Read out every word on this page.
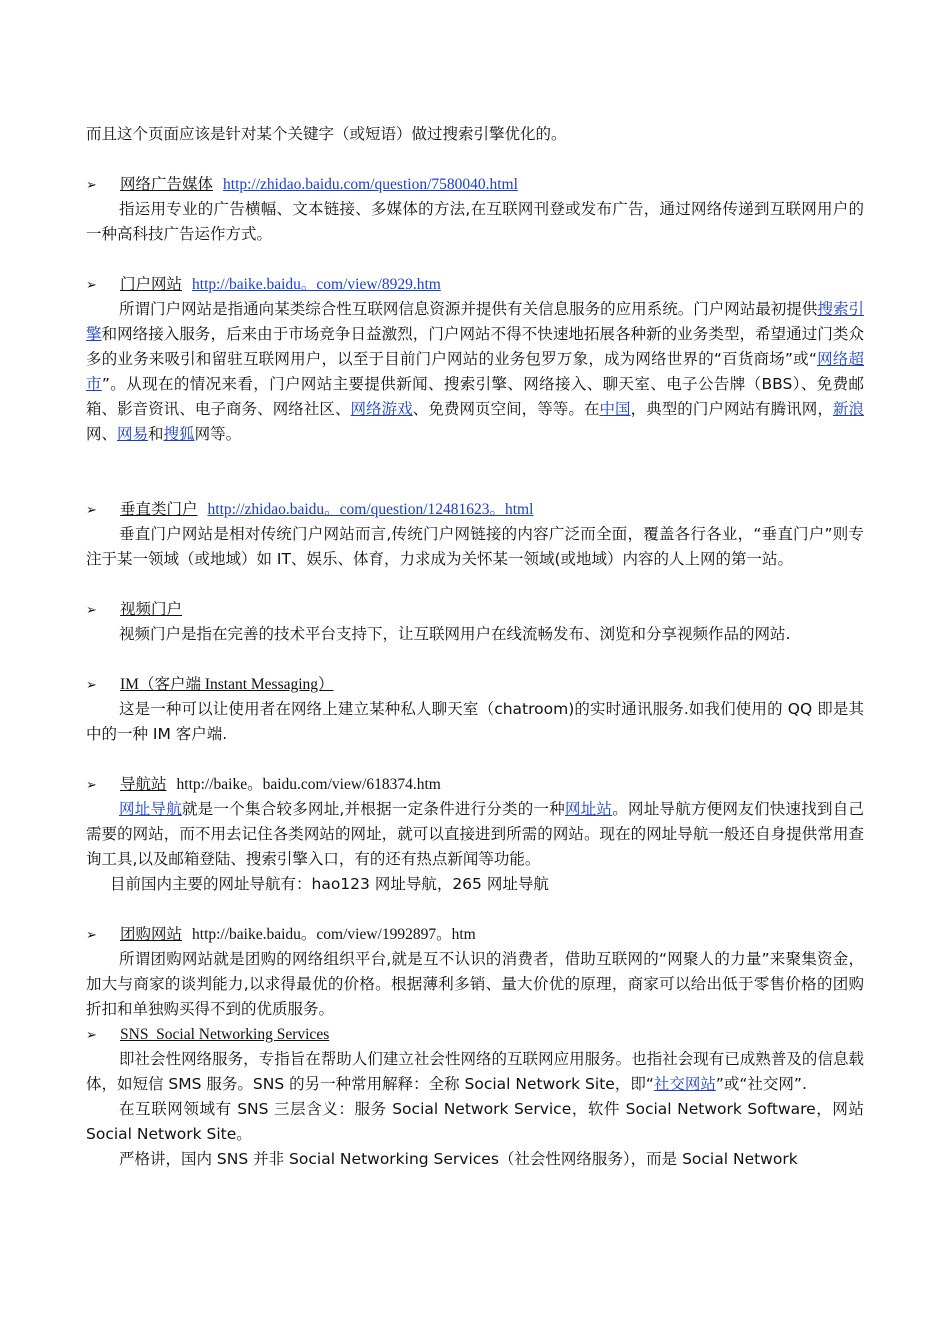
而且这个页面应该是针对某个关键字（或短语）做过搜索引擎优化的。

➢ 网络广告媒体 http://zhidao.baidu.com/question/7580040.html

指运用专业的广告横幅、文本链接、多媒体的方法,在互联网刊登或发布广告，通过网络传递到互联网用户的一种高科技广告运作方式。

➢ 门户网站 http://baike.baidu。com/view/8929.htm

所谓门户网站是指通向某类综合性互联网信息资源并提供有关信息服务的应用系统。门户网站最初提供搜索引擎和网络接入服务，后来由于市场竞争日益激烈，门户网站不得不快速地拓展各种新的业务类型，希望通过门类众多的业务来吸引和留驻互联网用户，以至于目前门户网站的业务包罗万象，成为网络世界的“百货商场”或“网络超市”。从现在的情况来看，门户网站主要提供新闻、搜索引擎、网络接入、聊天室、电子公告牌（BBS）、免费邮箱、影音资讯、电子商务、网络社区、网络游戏、免费网页空间，等等。在中国，典型的门户网站有腾讯网，新浪网、网易和搜狐网等。

➢ 垂直类门户 http://zhidao.baidu。com/question/12481623。html

垂直门户网站是相对传统门户网站而言,传统门户网链接的内容广泛而全面，覆盖各行各业，“垂直门户”则专注于某一领域（或地域）如 IT、娱乐、体育，力求成为关怀某一领域(或地域）内容的人上网的第一站。

➢ 视频门户

视频门户是指在完善的技术平台支持下，让互联网用户在线流畅发布、浏览和分享视频作品的网站.

➢ IM（客户端 Instant Messaging）

这是一种可以让使用者在网络上建立某种私人聊天室（chatroom)的实时通讯服务.如我们使用的 QQ 即是其中的一种 IM 客户端.

➢ 导航站 http://baike。baidu.com/view/618374.htm

网址导航就是一个集合较多网址,并根据一定条件进行分类的一种网址站。网址导航方便网友们快速找到自己需要的网站，而不用去记住各类网站的网址，就可以直接进到所需的网站。现在的网址导航一般还自身提供常用查询工具,以及邮箱登陆、搜索引擎入口，有的还有热点新闻等功能。

目前国内主要的网址导航有：hao123 网址导航，265 网址导航

➢ 团购网站 http://baike.baidu。com/view/1992897。htm

所谓团购网站就是团购的网络组织平台,就是互不认识的消费者，借助互联网的“网聚人的力量”来聚集资金，加大与商家的谈判能力,以求得最优的价格。根据薄利多销、量大价优的原理，商家可以给出低于零售价格的团购折扣和单独购买得不到的优质服务。

➢ SNS  Social Networking Services

即社会性网络服务，专指旨在帮助人们建立社会性网络的互联网应用服务。也指社会现有已成熟普及的信息载体，如短信 SMS 服务。SNS 的另一种常用解释：全称 Social Network Site，即“社交网站”或“社交网”.

在互联网领域有 SNS 三层含义：服务 Social Network Service，软件 Social Network Software，网站 Social Network Site。

严格讲，国内 SNS 并非 Social Networking Services（社会性网络服务），而是 Social Network
